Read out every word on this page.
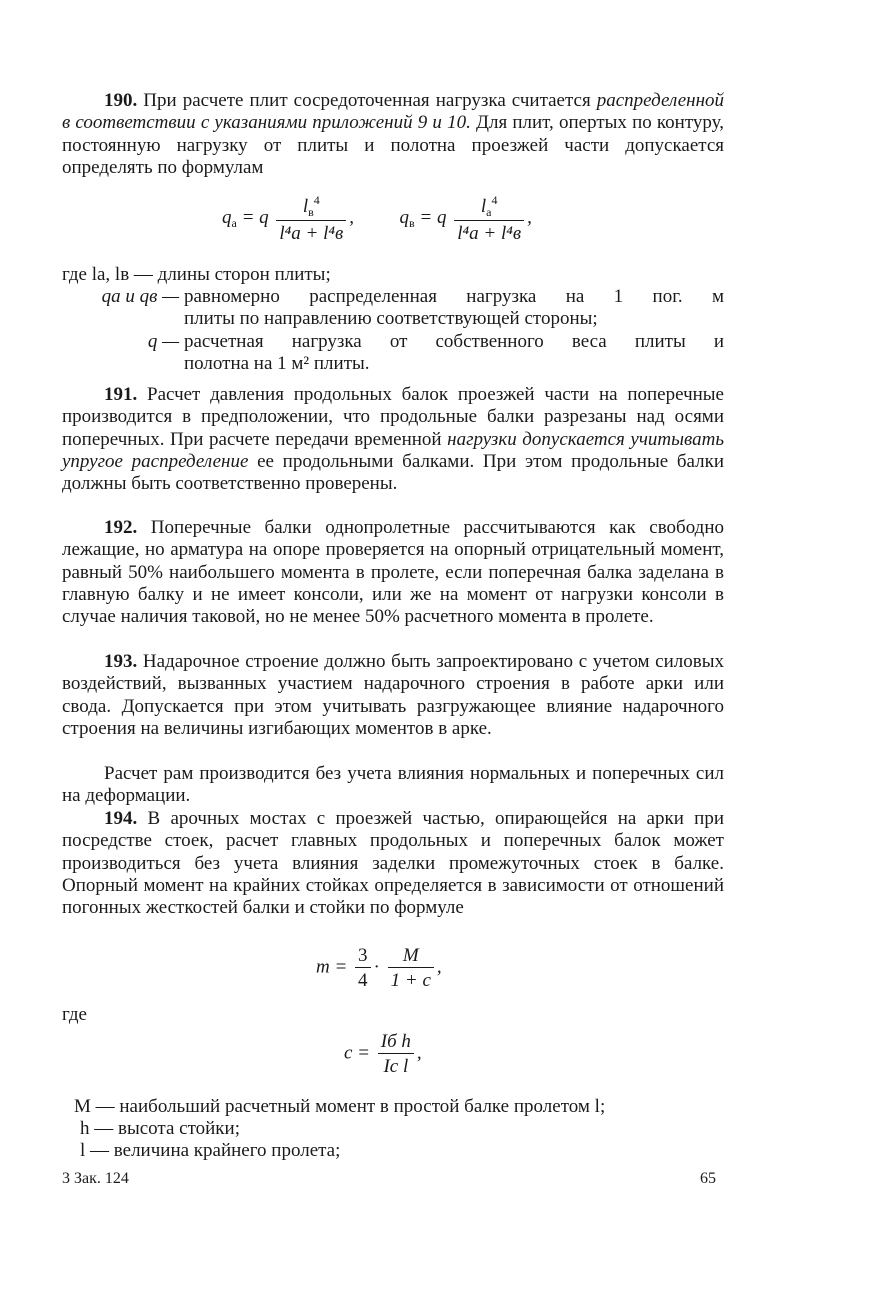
190. При расчете плит сосредоточенная нагрузка считается распределенной в соответствии с указаниями приложений 9 и 10. Для плит, опертых по контуру, постоянную нагрузку от плиты и полотна проезжей части допускается определять по формулам

$q_а = q \frac{l_в^4}{\text{l⁴а + l⁴в}}$ , $q_в = q \frac{l_а^4}{\text{l⁴а + l⁴в}}$ ,
где lа, lв — длины сторон плиты;
qа и qв — равномерно распределенная нагрузка на 1 пог. м
плиты по направлению соответствующей стороны;
q — расчетная нагрузка от собственного веса плиты и
полотна на 1 м² плиты.

191. Расчет давления продольных балок проезжей части на поперечные производится в предположении, что продольные балки разрезаны над осями поперечных. При расчете передачи временной нагрузки допускается учитывать упругое распределение ее продольными балками. При этом продольные балки должны быть соответственно проверены.

192. Поперечные балки однопролетные рассчитываются как свободно лежащие, но арматура на опоре проверяется на опорный отрицательный момент, равный 50% наибольшего момента в пролете, если поперечная балка заделана в главную балку и не имеет консоли, или же на момент от нагрузки консоли в случае наличия таковой, но не менее 50% расчетного момента в пролете.

193. Надарочное строение должно быть запроектировано с учетом силовых воздействий, вызванных участием надарочного строения в работе арки или свода. Допускается при этом учитывать разгружающее влияние надарочного строения на величины изгибающих моментов в арке.

Расчет рам производится без учета влияния нормальных и поперечных сил на деформации.

194. В арочных мостах с проезжей частью, опирающейся на арки при посредстве стоек, расчет главных продольных и поперечных балок может производиться без учета влияния заделки промежуточных стоек в балке. Опорный момент на крайних стойках определяется в зависимости от отношений погонных жесткостей балки и стойки по формуле

$m = \frac{3}{4} \cdot \frac{M}{1 + c}$ ,
где
$c = \frac{\text{Iб h}}{\text{Iс l}}$ ,
M — наибольший расчетный момент в простой балке пролетом l;
h — высота стойки;
l — величина крайнего пролета;
3 Зак. 124	65
